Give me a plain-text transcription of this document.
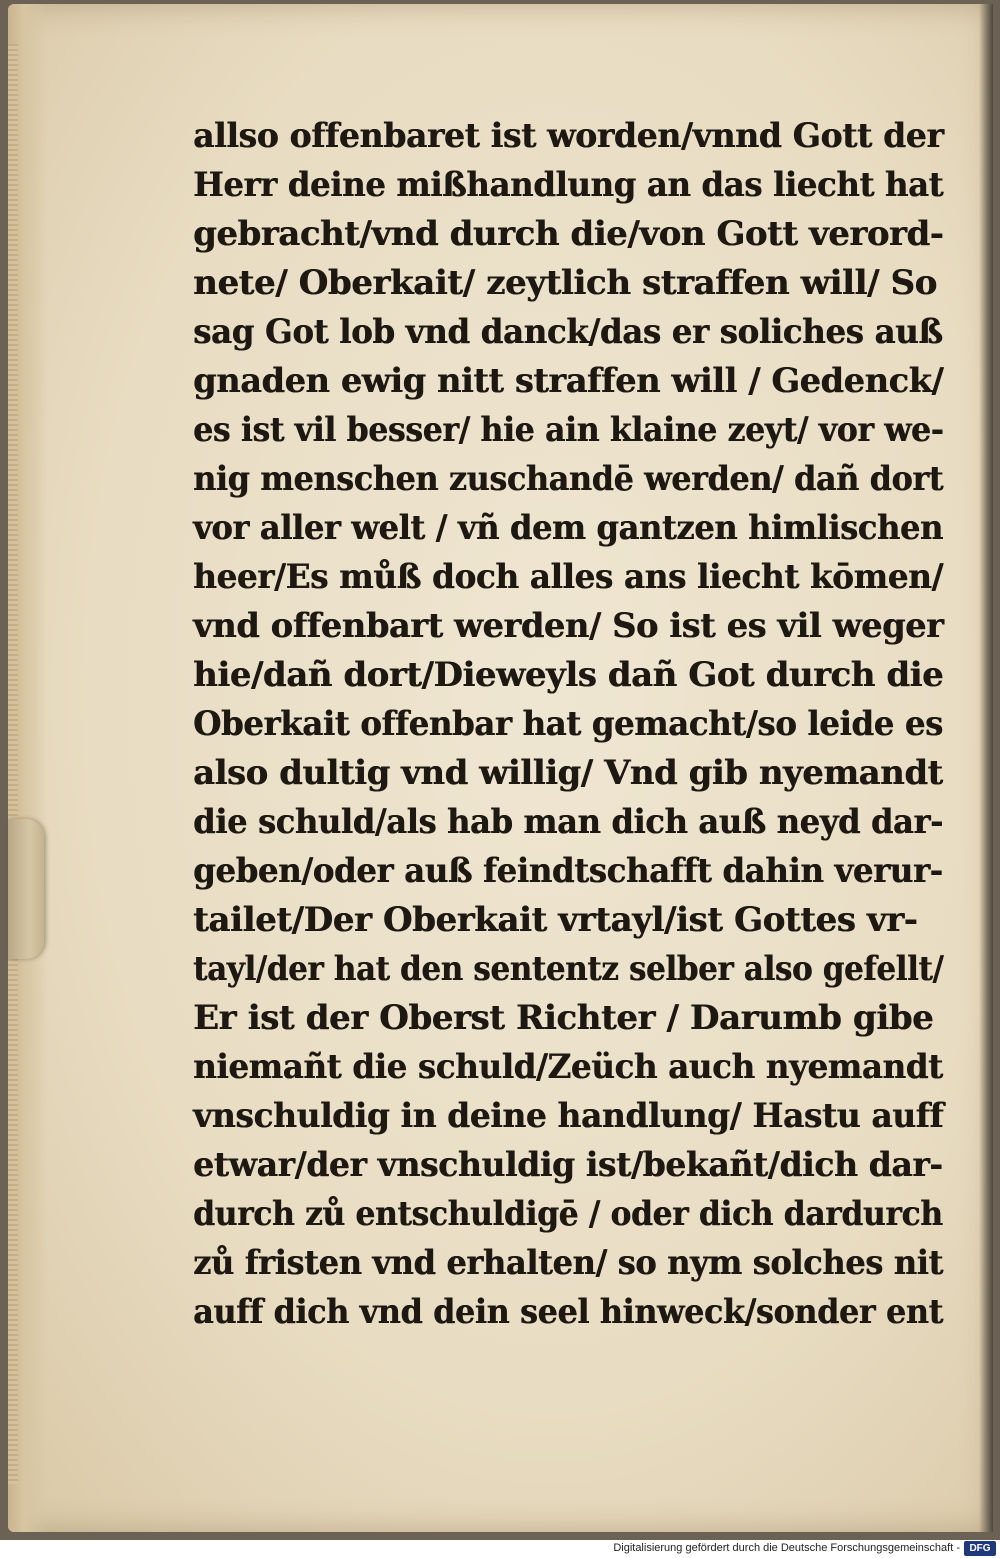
allso offenbaret ist worden/vnnd Gott der
Herr deine mißhandlung an das liecht hat
gebracht/vnd durch die/von Gott verord-
nete/ Oberkait/ zeytlich straffen will/ So
sag Got lob vnd danck/das er soliches auß
gnaden ewig nitt straffen will / Gedenck/
es ist vil besser/ hie ain klaine zeyt/ vor we-
nig menschen zuschandē werden/ dañ dort
vor aller welt / vñ dem gantzen himlischen
heer/Es můß doch alles ans liecht kōmen/
vnd offenbart werden/ So ist es vil weger
hie/dañ dort/Dieweyls dañ Got durch die
Oberkait offenbar hat gemacht/so leide es
also dultig vnd willig/ Vnd gib nyemandt
die schuld/als hab man dich auß neyd dar-
geben/oder auß feindtschafft dahin verur-
tailet/Der Oberkait vrtayl/ist Gottes vr-
tayl/der hat den sententz selber also gefellt/
Er ist der Oberst Richter / Darumb gibe
niemañt die schuld/Zeüch auch nyemandt
vnschuldig in deine handlung/ Hastu auff
etwar/der vnschuldig ist/bekañt/dich dar-
durch zů entschuldigē / oder dich dardurch
zů fristen vnd erhalten/ so nym solches nit
auff dich vnd dein seel hinweck/sonder ent
Digitalisierung gefördert durch die Deutsche Forschungsgemeinschaft - DFG
